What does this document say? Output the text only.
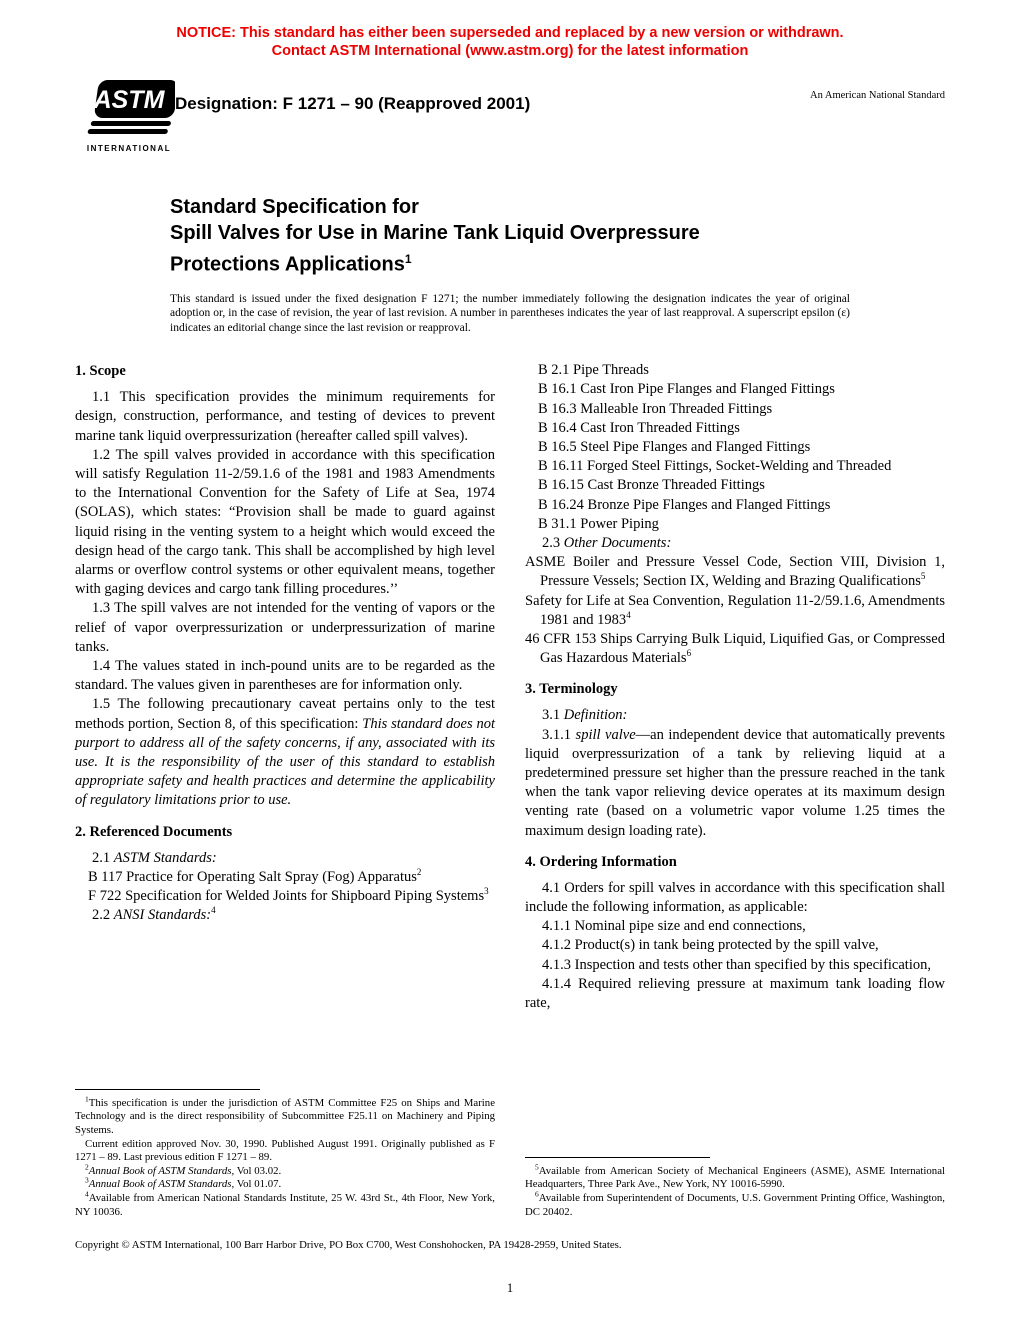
NOTICE: This standard has either been superseded and replaced by a new version or withdrawn.
Contact ASTM International (www.astm.org) for the latest information
ASTM
INTERNATIONAL
Designation: F 1271 – 90 (Reapproved 2001)	An American National Standard
Standard Specification for
Spill Valves for Use in Marine Tank Liquid Overpressure
Protections Applications$^1$

This standard is issued under the fixed designation F 1271; the number immediately following the designation indicates the year of original adoption or, in the case of revision, the year of last revision. A number in parentheses indicates the year of last reapproval. A superscript epsilon (ε) indicates an editorial change since the last revision or reapproval.

1. Scope

1.1 This specification provides the minimum requirements for design, construction, performance, and testing of devices to prevent marine tank liquid overpressurization (hereafter called spill valves).

1.2 The spill valves provided in accordance with this specification will satisfy Regulation 11-2/59.1.6 of the 1981 and 1983 Amendments to the International Convention for the Safety of Life at Sea, 1974 (SOLAS), which states: “Provision shall be made to guard against liquid rising in the venting system to a height which would exceed the design head of the cargo tank. This shall be accomplished by high level alarms or overflow control systems or other equivalent means, together with gaging devices and cargo tank filling procedures.’’

1.3 The spill valves are not intended for the venting of vapors or the relief of vapor overpressurization or underpressurization of marine tanks.

1.4 The values stated in inch-pound units are to be regarded as the standard. The values given in parentheses are for information only.

1.5 The following precautionary caveat pertains only to the test methods portion, Section 8, of this specification: This standard does not purport to address all of the safety concerns, if any, associated with its use. It is the responsibility of the user of this standard to establish appropriate safety and health practices and determine the applicability of regulatory limitations prior to use.

2. Referenced Documents

2.1 ASTM Standards:

B 117 Practice for Operating Salt Spray (Fog) Apparatus$^2$

F 722 Specification for Welded Joints for Shipboard Piping Systems$^3$

2.2 ANSI Standards:$^4$

$^1$This specification is under the jurisdiction of ASTM Committee F25 on Ships and Marine Technology and is the direct responsibility of Subcommittee F25.11 on Machinery and Piping Systems.

Current edition approved Nov. 30, 1990. Published August 1991. Originally published as F 1271 – 89. Last previous edition F 1271 – 89.

$^2$Annual Book of ASTM Standards, Vol 03.02.

$^3$Annual Book of ASTM Standards, Vol 01.07.

$^4$Available from American National Standards Institute, 25 W. 43rd St., 4th Floor, New York, NY 10036.

B 2.1 Pipe Threads

B 16.1 Cast Iron Pipe Flanges and Flanged Fittings

B 16.3 Malleable Iron Threaded Fittings

B 16.4 Cast Iron Threaded Fittings

B 16.5 Steel Pipe Flanges and Flanged Fittings

B 16.11 Forged Steel Fittings, Socket-Welding and Threaded

B 16.15 Cast Bronze Threaded Fittings

B 16.24 Bronze Pipe Flanges and Flanged Fittings

B 31.1 Power Piping

2.3 Other Documents:

ASME Boiler and Pressure Vessel Code, Section VIII, Division 1, Pressure Vessels; Section IX, Welding and Brazing Qualifications$^5$

Safety for Life at Sea Convention, Regulation 11-2/59.1.6, Amendments 1981 and 1983$^4$

46 CFR 153 Ships Carrying Bulk Liquid, Liquified Gas, or Compressed Gas Hazardous Materials$^6$

3. Terminology

3.1 Definition:

3.1.1 spill valve—an independent device that automatically prevents liquid overpressurization of a tank by relieving liquid at a predetermined pressure set higher than the pressure reached in the tank when the tank vapor relieving device operates at its maximum design venting rate (based on a volumetric vapor volume 1.25 times the maximum design loading rate).

4. Ordering Information

4.1 Orders for spill valves in accordance with this specification shall include the following information, as applicable:

4.1.1 Nominal pipe size and end connections,

4.1.2 Product(s) in tank being protected by the spill valve,

4.1.3 Inspection and tests other than specified by this specification,

4.1.4 Required relieving pressure at maximum tank loading flow rate,

$^5$Available from American Society of Mechanical Engineers (ASME), ASME International Headquarters, Three Park Ave., New York, NY 10016-5990.

$^6$Available from Superintendent of Documents, U.S. Government Printing Office, Washington, DC 20402.

Copyright © ASTM International, 100 Barr Harbor Drive, PO Box C700, West Conshohocken, PA 19428-2959, United States.
1
